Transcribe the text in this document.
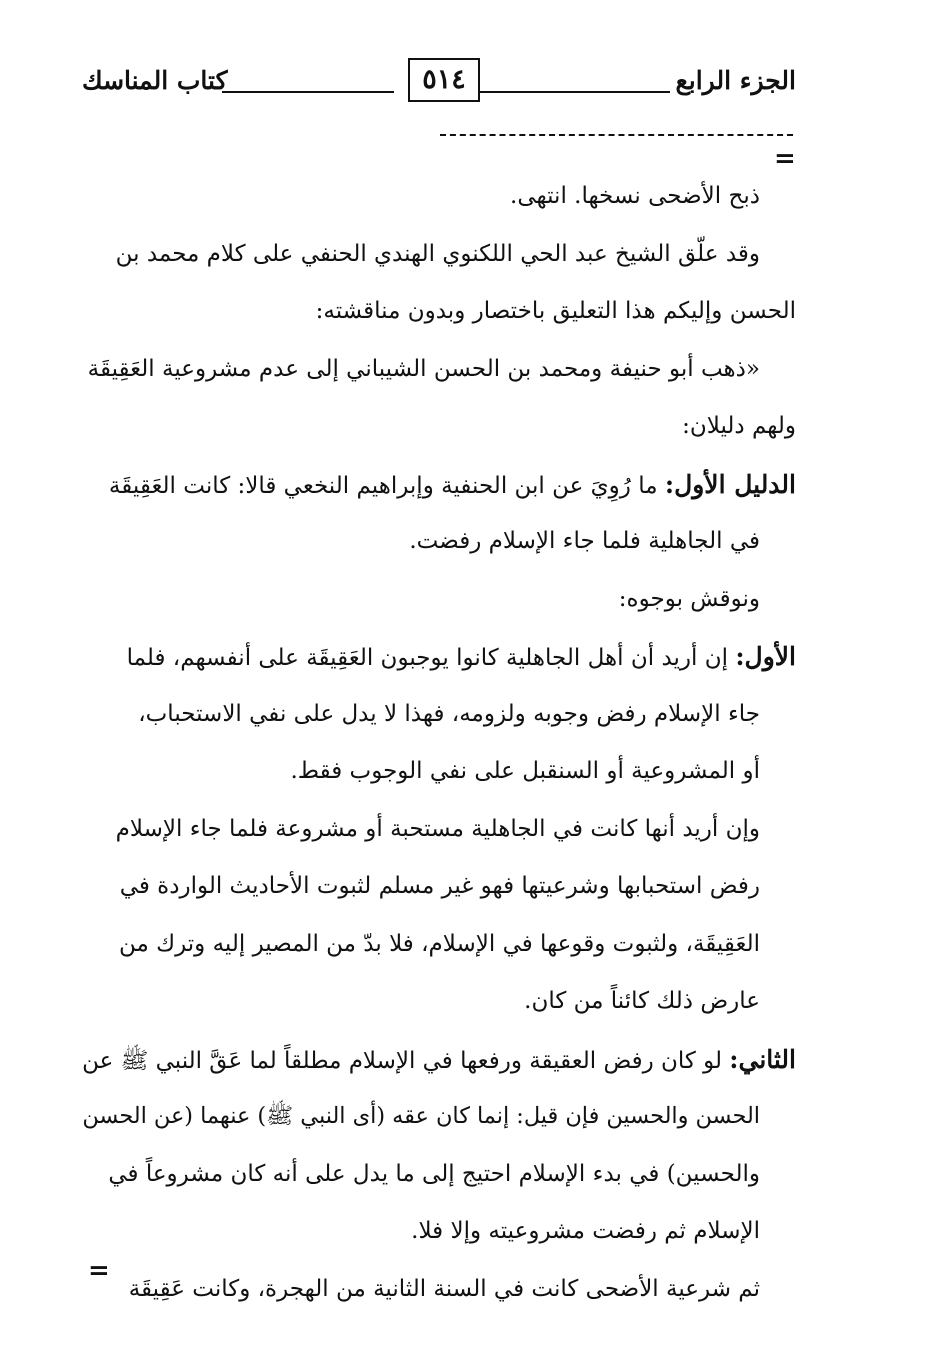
الجزء الرابع
٥١٤
كتاب المناسك
=
ذبح الأضحى نسخها. انتهى.
وقد علّق الشيخ عبد الحي اللكنوي الهندي الحنفي على كلام محمد بن
الحسن وإليكم هذا التعليق باختصار وبدون مناقشته:
«ذهب أبو حنيفة ومحمد بن الحسن الشيباني إلى عدم مشروعية العَقِيقَة
ولهم دليلان:
الدليل الأول: ما رُوِيَ عن ابن الحنفية وإبراهيم النخعي قالا: كانت العَقِيقَة
في الجاهلية فلما جاء الإسلام رفضت.
ونوقش بوجوه:
الأول: إن أريد أن أهل الجاهلية كانوا يوجبون العَقِيقَة على أنفسهم، فلما
جاء الإسلام رفض وجوبه ولزومه، فهذا لا يدل على نفي الاستحباب،
أو المشروعية أو السنقبل على نفي الوجوب فقط.
وإن أريد أنها كانت في الجاهلية مستحبة أو مشروعة فلما جاء الإسلام
رفض استحبابها وشرعيتها فهو غير مسلم لثبوت الأحاديث الواردة في
العَقِيقَة، ولثبوت وقوعها في الإسلام، فلا بدّ من المصير إليه وترك من
عارض ذلك كائناً من كان.
الثاني: لو كان رفض العقيقة ورفعها في الإسلام مطلقاً لما عَقَّ النبي ﷺ عن
الحسن والحسين فإن قيل: إنما كان عقه (أى النبي ﷺ) عنهما (عن الحسن
والحسين) في بدء الإسلام احتيج إلى ما يدل على أنه كان مشروعاً في
الإسلام ثم رفضت مشروعيته وإلا فلا.
ثم شرعية الأضحى كانت في السنة الثانية من الهجرة، وكانت عَقِيقَة
=
